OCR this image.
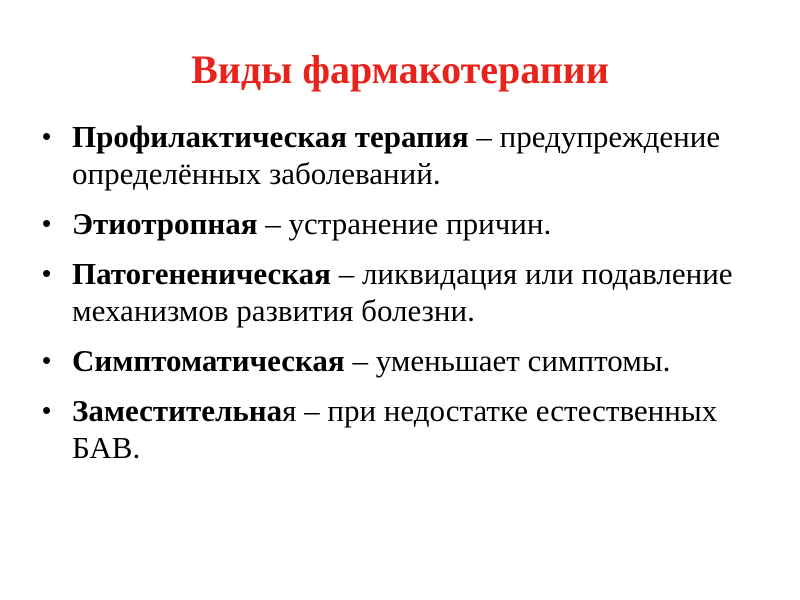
Виды фармакотерапии
• Профилактическая терапия – предупреждение определённых заболеваний.
• Этиотропная – устранение причин.
• Патогененическая – ликвидация или подавление механизмов развития болезни.
• Симптоматическая – уменьшает симптомы.
• Заместительная – при недостатке естественных БАВ.
